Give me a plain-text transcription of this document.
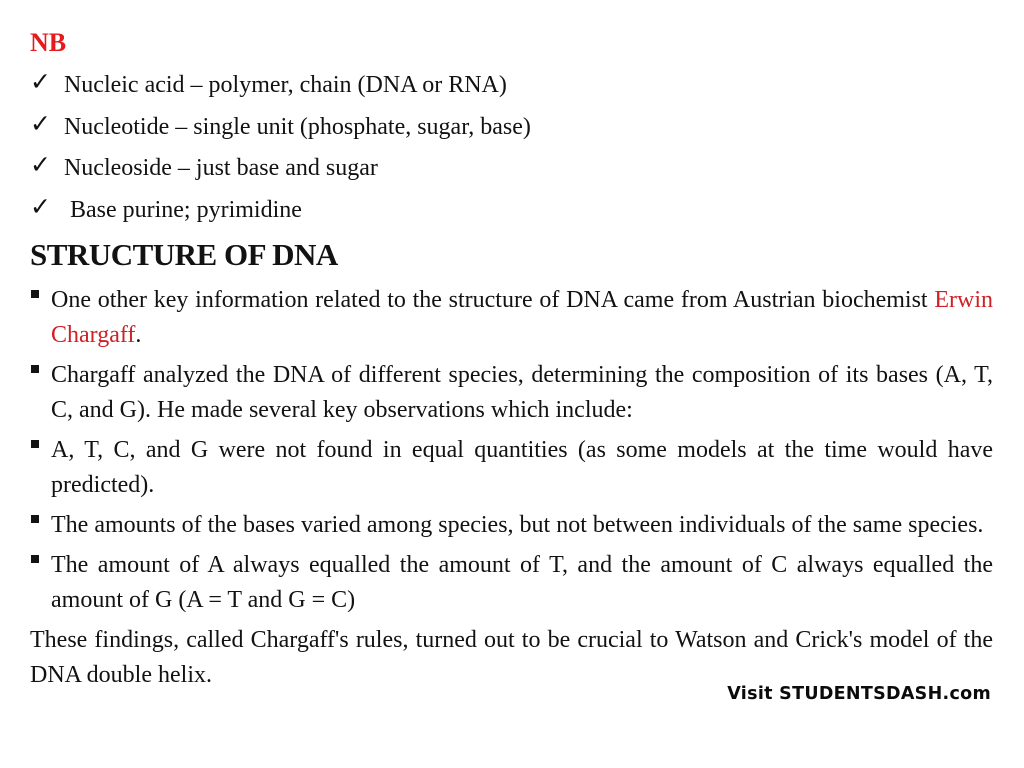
NB
✓ Nucleic acid – polymer, chain (DNA or RNA)
✓ Nucleotide – single unit (phosphate, sugar, base)
✓ Nucleoside – just base and sugar
✓ Base purine; pyrimidine
STRUCTURE OF DNA

One other key information related to the structure of DNA came from Austrian biochemist Erwin Chargaff.

Chargaff analyzed the DNA of different species, determining the composition of its bases (A, T, C, and G). He made several key observations which include:

A, T, C, and G were not found in equal quantities (as some models at the time would have predicted).

The amounts of the bases varied among species, but not between individuals of the same species.

The amount of A always equalled the amount of T, and the amount of C always equalled the amount of G (A = T and G = C)

These findings, called Chargaff's rules, turned out to be crucial to Watson and Crick's model of the DNA double helix.

Visit STUDENTSDASH.com
